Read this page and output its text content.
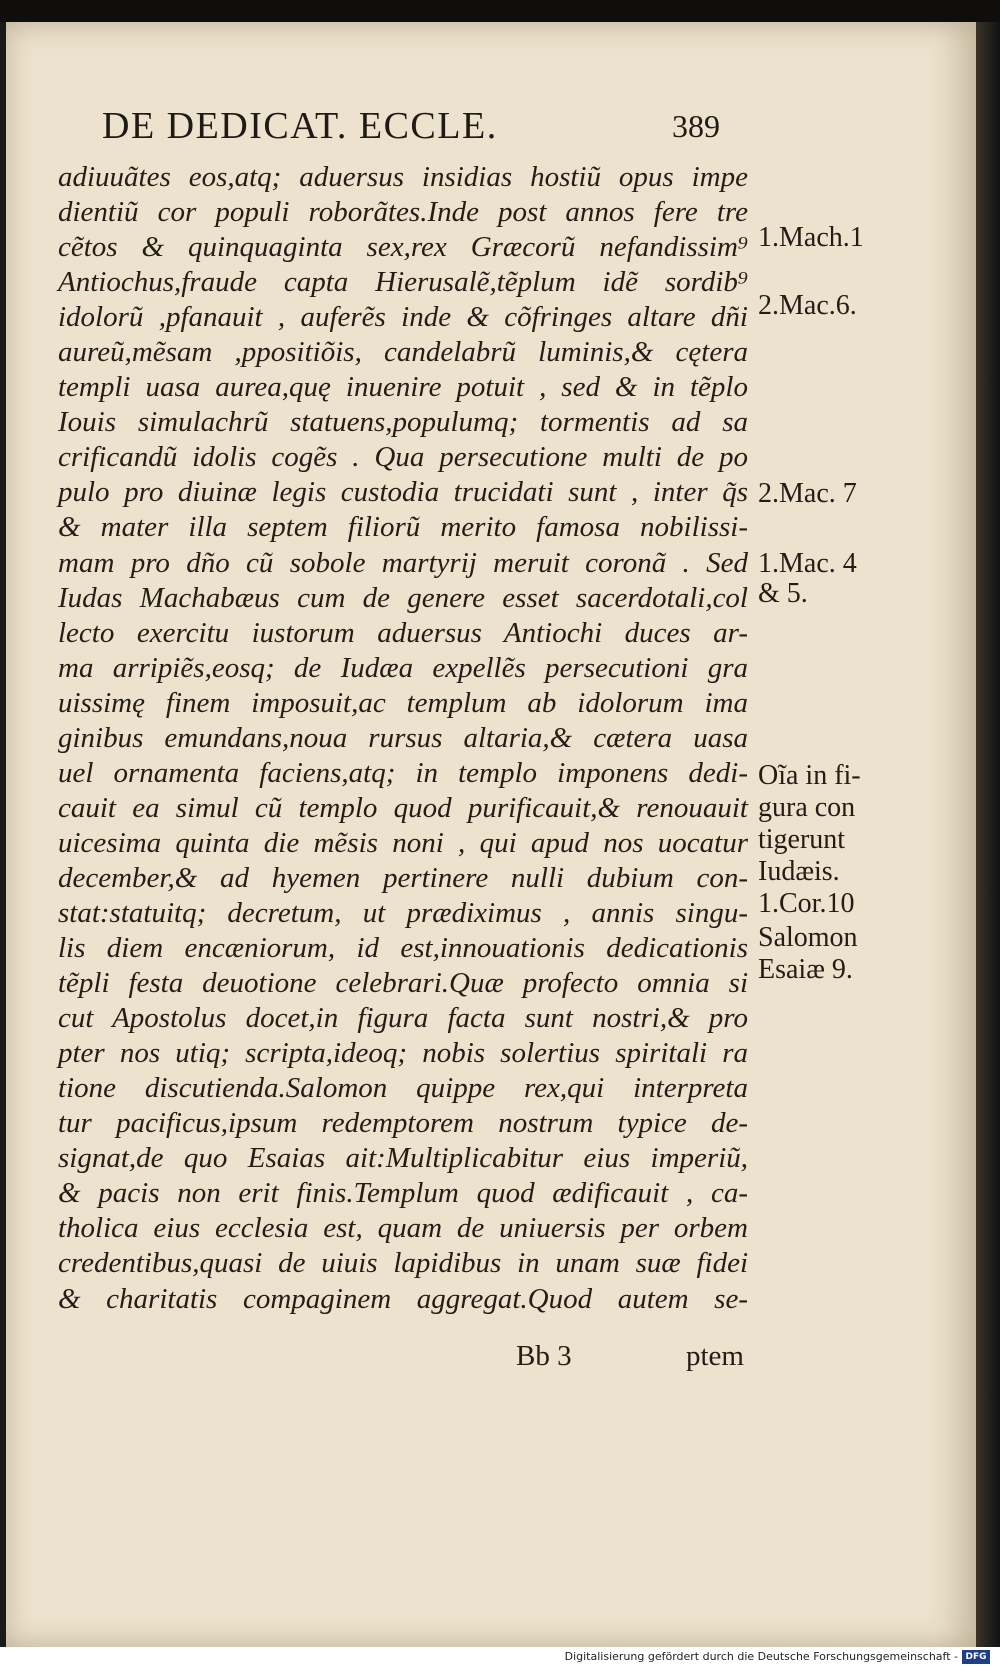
DE DEDICAT. ECCLE.	389
adiuuãtes eos,atq; aduersus insidias hostiũ opus impe
dientiũ cor populi roborãtes.Inde post annos fere tre
cẽtos & quinquaginta sex,rex Græcorũ nefandissim⁹
Antiochus,fraude capta Hierusalẽ,tẽplum idẽ sordib⁹
idolorũ ,pfanauit , auferẽs inde & cõfringes altare dñi
aureũ,mẽsam ,ppositiõis, candelabrũ luminis,& cętera
templi uasa aurea,quę inuenire potuit , sed & in tẽplo
Iouis simulachrũ statuens,populumq; tormentis ad sa
crificandũ idolis cogẽs . Qua persecutione multi de po
pulo pro diuinæ legis custodia trucidati sunt , inter q̃s
& mater illa septem filiorũ merito famosa nobilissi-
mam pro dño cũ sobole martyrij meruit coronã . Sed
Iudas Machabæus cum de genere esset sacerdotali,col
lecto exercitu iustorum aduersus Antiochi duces ar-
ma arripiẽs,eosq; de Iudæa expellẽs persecutioni gra
uissimę finem imposuit,ac templum ab idolorum ima
ginibus emundans,noua rursus altaria,& cætera uasa
uel ornamenta faciens,atq; in templo imponens dedi-
cauit ea simul cũ templo quod purificauit,& renouauit
uicesima quinta die mẽsis noni , qui apud nos uocatur
december,& ad hyemen pertinere nulli dubium con-
stat:statuitq; decretum, ut prædiximus , annis singu-
lis diem encæniorum, id est,innouationis dedicationis
tẽpli festa deuotione celebrari.Quæ profecto omnia si
cut Apostolus docet,in figura facta sunt nostri,& pro
pter nos utiq; scripta,ideoq; nobis solertius spiritali ra
tione discutienda.Salomon quippe rex,qui interpreta
tur pacificus,ipsum redemptorem nostrum typice de-
signat,de quo Esaias ait:Multiplicabitur eius imperiũ,
& pacis non erit finis.Templum quod ædificauit , ca-
tholica eius ecclesia est, quam de uniuersis per orbem
credentibus,quasi de uiuis lapidibus in unam suæ fidei
& charitatis compaginem aggregat.Quod autem se-
1.Mach.1
2.Mac.6.
2.Mac. 7
1.Mac. 4
& 5.
Oĩa in fi-
gura con
tigerunt
Iudæis.
1.Cor.10
Salomon
Esaiæ 9.
Bb 3	ptem
Digitalisierung gefördert durch die Deutsche Forschungsgemeinschaft - DFG
